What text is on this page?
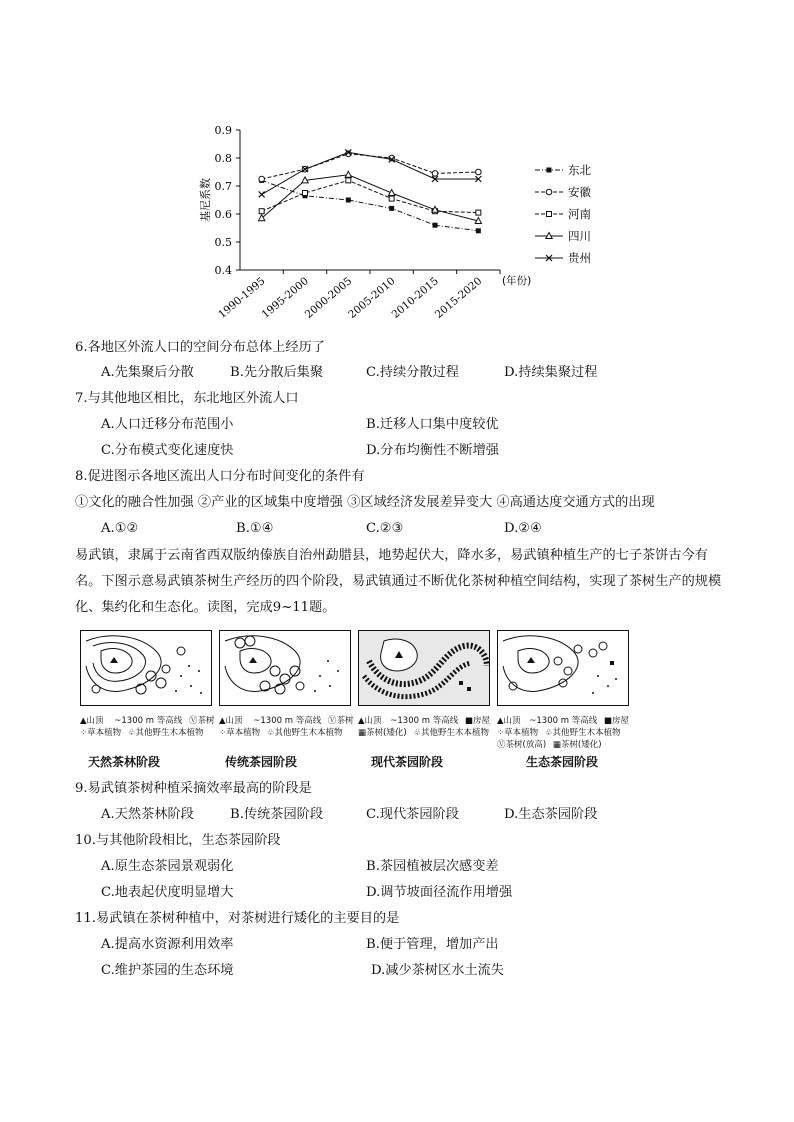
0.4
0.5
0.6
0.7
0.8
0.9
1990-1995
1995-2000
2000-2005
2005-2010
2010-2015
2015-2020
基尼系数
(年份)
东北
安徽
河南
四川
贵州
6.各地区外流人口的空间分布总体上经历了
A.先集聚后分散	B.先分散后集聚	C.持续分散过程	D.持续集聚过程
7.与其他地区相比，东北地区外流人口
A.人口迁移分布范围小	B.迁移人口集中度较优
C.分布模式变化速度快	D.分布均衡性不断增强
8.促进图示各地区流出人口分布时间变化的条件有
①文化的融合性加强 ②产业的区域集中度增强 ③区域经济发展差异变大 ④高通达度交通方式的出现
A.①②	B.①④	C.②③	D.②④
易武镇，隶属于云南省西双版纳傣族自治州勐腊县，地势起伏大，降水多，易武镇种植生产的七子茶饼古今有名。下图示意易武镇茶树生产经历的四个阶段，易武镇通过不断优化茶树种植空间结构，实现了茶树生产的规模化、集约化和生态化。读图，完成9~11题。
▲山顶 ~1300 m 等高线 Ⓥ茶树
⁘草本植物 ♧其他野生木本植物
▲山顶 ~1300 m 等高线 Ⓥ茶树
⁘草本植物 ♧其他野生木本植物
▲山顶 ~1300 m 等高线 ■房屋
▦茶树(矮化) ♧其他野生木本植物
▲山顶 ~1300 m 等高线 ■房屋
⁘草本植物 ♧其他野生木本植物
Ⓥ茶树(放高) ▦茶树(矮化)
天然茶林阶段	传统茶园阶段	现代茶园阶段	生态茶园阶段
9.易武镇茶树种植采摘效率最高的阶段是
A.天然茶林阶段	B.传统茶园阶段	C.现代茶园阶段	D.生态茶园阶段
10.与其他阶段相比，生态茶园阶段
A.原生态茶园景观弱化	B.茶园植被层次感变差
C.地表起伏度明显增大	D.调节坡面径流作用增强
11.易武镇在茶树种植中，对茶树进行矮化的主要目的是
A.提高水资源利用效率	B.便于管理，增加产出
C.维护茶园的生态环境	D.减少茶树区水土流失
